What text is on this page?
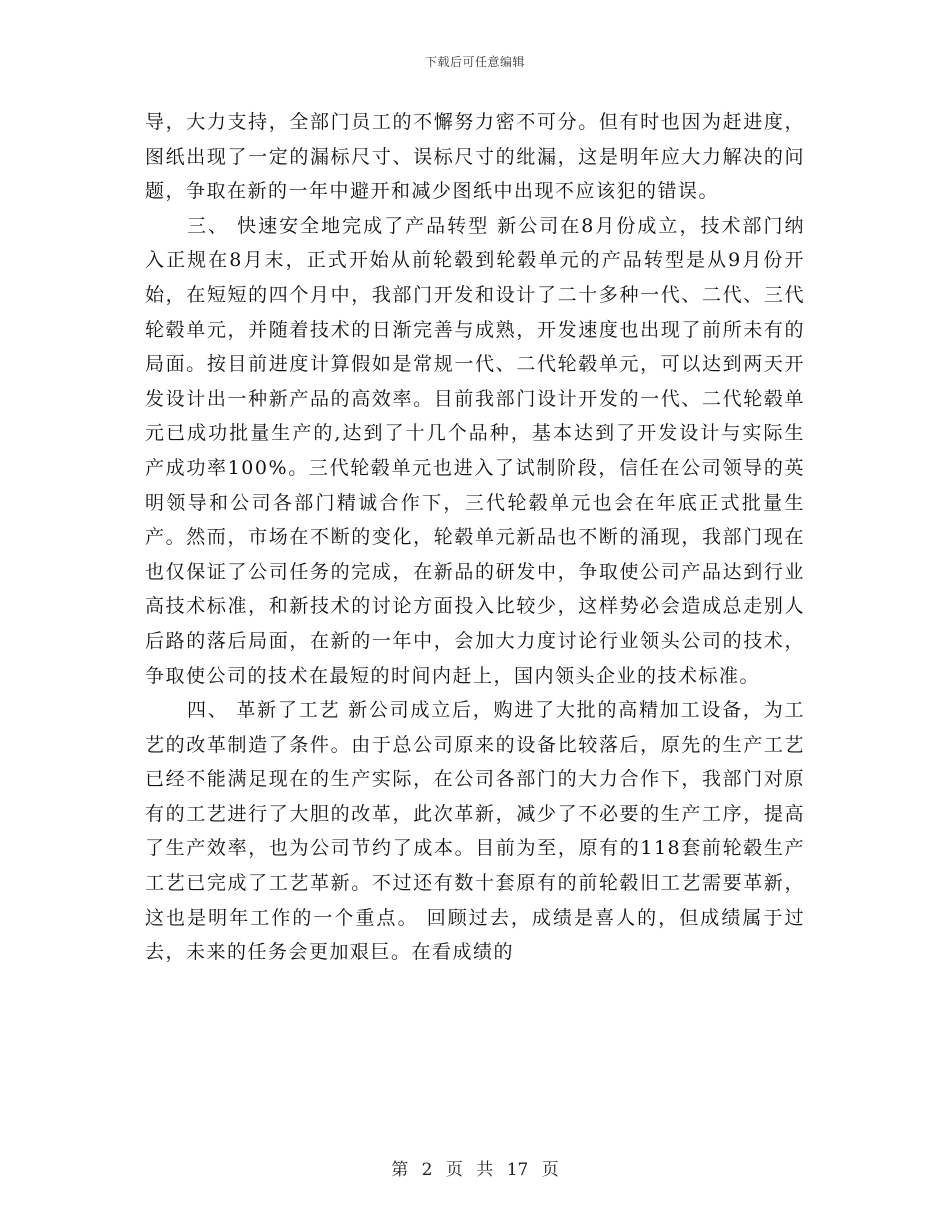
下载后可任意编辑

导，大力支持，全部门员工的不懈努力密不可分。但有时也因为赶进度，图纸出现了一定的漏标尺寸、误标尺寸的纰漏，这是明年应大力解决的问题，争取在新的一年中避开和减少图纸中出现不应该犯的错误。

三、 快速安全地完成了产品转型 新公司在8月份成立，技术部门纳入正规在8月末，正式开始从前轮毂到轮毂单元的产品转型是从9月份开始，在短短的四个月中，我部门开发和设计了二十多种一代、二代、三代轮毂单元，并随着技术的日渐完善与成熟，开发速度也出现了前所未有的局面。按目前进度计算假如是常规一代、二代轮毂单元，可以达到两天开发设计出一种新产品的高效率。目前我部门设计开发的一代、二代轮毂单元已成功批量生产的,达到了十几个品种，基本达到了开发设计与实际生产成功率100%。三代轮毂单元也进入了试制阶段，信任在公司领导的英明领导和公司各部门精诚合作下，三代轮毂单元也会在年底正式批量生产。然而，市场在不断的变化，轮毂单元新品也不断的涌现，我部门现在也仅保证了公司任务的完成，在新品的研发中，争取使公司产品达到行业高技术标准，和新技术的讨论方面投入比较少，这样势必会造成总走别人后路的落后局面，在新的一年中，会加大力度讨论行业领头公司的技术，争取使公司的技术在最短的时间内赶上，国内领头企业的技术标准。

四、 革新了工艺 新公司成立后，购进了大批的高精加工设备，为工艺的改革制造了条件。由于总公司原来的设备比较落后，原先的生产工艺已经不能满足现在的生产实际，在公司各部门的大力合作下，我部门对原有的工艺进行了大胆的改革，此次革新，减少了不必要的生产工序，提高了生产效率，也为公司节约了成本。目前为至，原有的118套前轮毂生产工艺已完成了工艺革新。不过还有数十套原有的前轮毂旧工艺需要革新，这也是明年工作的一个重点。 回顾过去，成绩是喜人的，但成绩属于过去，未来的任务会更加艰巨。在看成绩的

第 2 页 共 17 页
